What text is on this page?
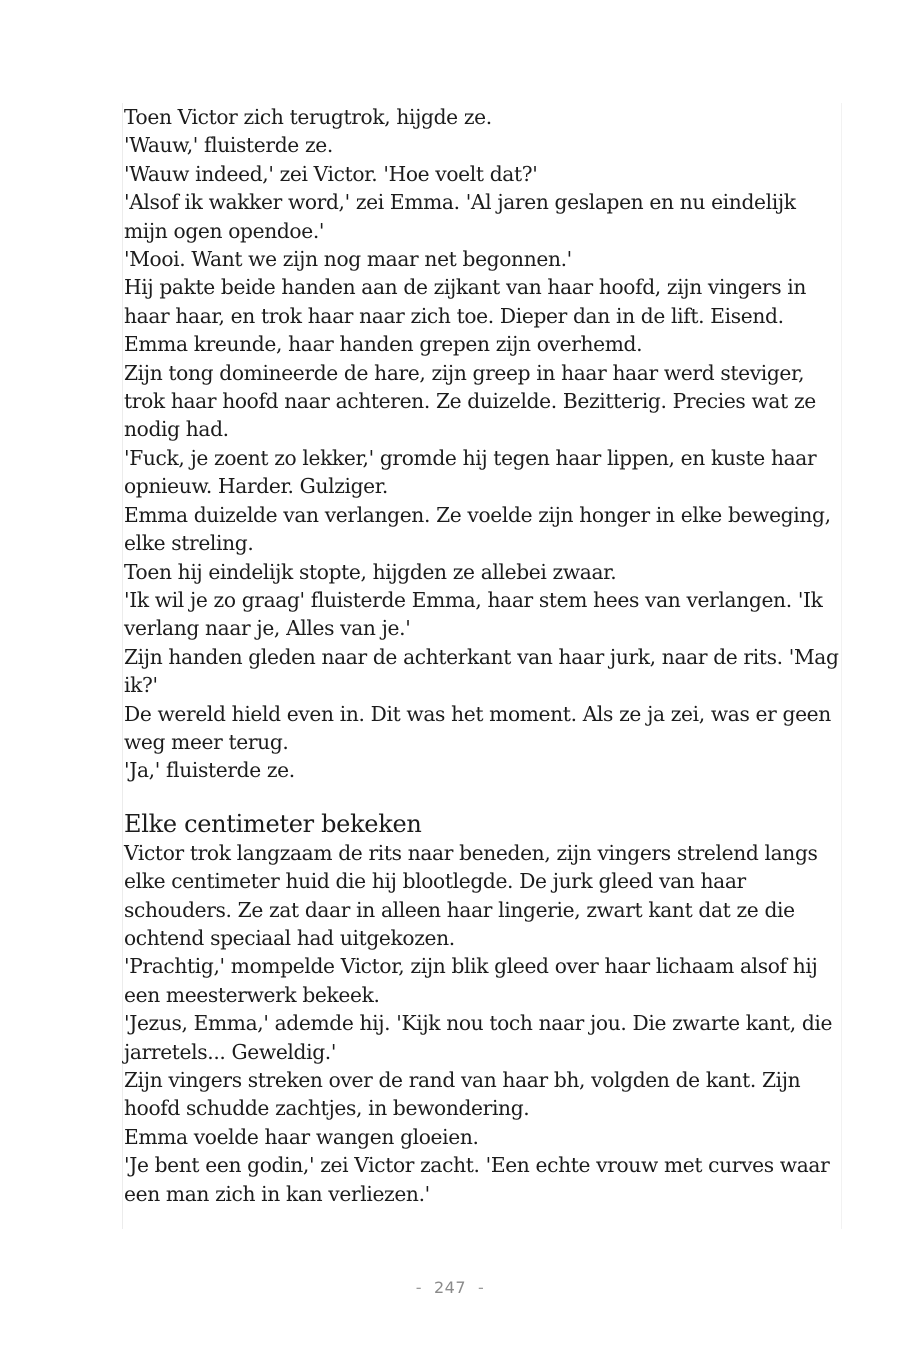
Toen Victor zich terugtrok, hijgde ze.

'Wauw,' fluisterde ze.

'Wauw indeed,' zei Victor. 'Hoe voelt dat?'

'Alsof ik wakker word,' zei Emma. 'Al jaren geslapen en nu eindelijk mijn ogen opendoe.'

'Mooi. Want we zijn nog maar net begonnen.'

Hij pakte beide handen aan de zijkant van haar hoofd, zijn vingers in haar haar, en trok haar naar zich toe. Dieper dan in de lift. Eisend. Emma kreunde, haar handen grepen zijn overhemd.

Zijn tong domineerde de hare, zijn greep in haar haar werd steviger, trok haar hoofd naar achteren. Ze duizelde. Bezitterig. Precies wat ze nodig had.

'Fuck, je zoent zo lekker,' gromde hij tegen haar lippen, en kuste haar opnieuw. Harder. Gulziger.

Emma duizelde van verlangen. Ze voelde zijn honger in elke beweging, elke streling.

Toen hij eindelijk stopte, hijgden ze allebei zwaar.

'Ik wil je zo graag' fluisterde Emma, haar stem hees van verlangen. 'Ik verlang naar je, Alles van je.'

Zijn handen gleden naar de achterkant van haar jurk, naar de rits. 'Mag ik?'

De wereld hield even in. Dit was het moment. Als ze ja zei, was er geen weg meer terug.

'Ja,' fluisterde ze.

Elke centimeter bekeken

Victor trok langzaam de rits naar beneden, zijn vingers strelend langs elke centimeter huid die hij blootlegde. De jurk gleed van haar schouders. Ze zat daar in alleen haar lingerie, zwart kant dat ze die ochtend speciaal had uitgekozen.

'Prachtig,' mompelde Victor, zijn blik gleed over haar lichaam alsof hij een meesterwerk bekeek.

'Jezus, Emma,' ademde hij. 'Kijk nou toch naar jou. Die zwarte kant, die jarretels... Geweldig.'

Zijn vingers streken over de rand van haar bh, volgden de kant. Zijn hoofd schudde zachtjes, in bewondering.

Emma voelde haar wangen gloeien.

'Je bent een godin,' zei Victor zacht. 'Een echte vrouw met curves waar een man zich in kan verliezen.'

- 247 -
